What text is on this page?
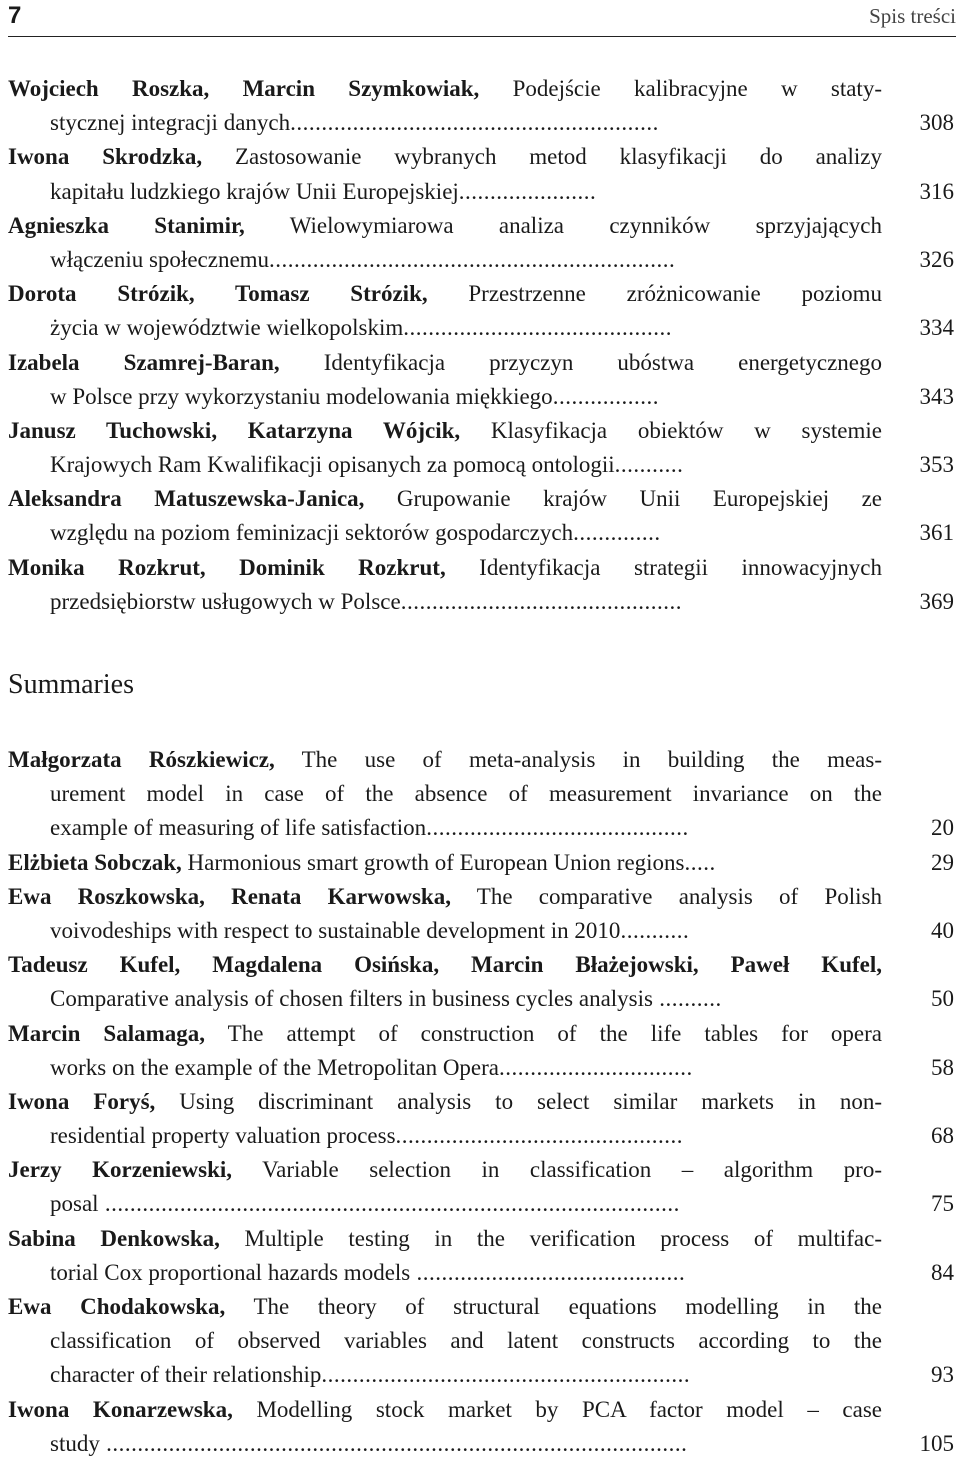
7	Spis treści
Wojciech Roszka, Marcin Szymkowiak, Podejście kalibracyjne w staty-
stycznej integracji danych...........................................................	308
Iwona Skrodzka, Zastosowanie wybranych metod klasyfikacji do analizy
kapitału ludzkiego krajów Unii Europejskiej......................	316
Agnieszka Stanimir, Wielowymiarowa analiza czynników sprzyjających
włączeniu społecznemu.................................................................	326
Dorota Strózik, Tomasz Strózik, Przestrzenne zróżnicowanie poziomu
życia w województwie wielkopolskim...........................................	334
Izabela Szamrej-Baran, Identyfikacja przyczyn ubóstwa energetycznego
w Polsce przy wykorzystaniu modelowania miękkiego.................	343
Janusz Tuchowski, Katarzyna Wójcik, Klasyfikacja obiektów w systemie
Krajowych Ram Kwalifikacji opisanych za pomocą ontologii...........	353
Aleksandra Matuszewska-Janica, Grupowanie krajów Unii Europejskiej ze
względu na poziom feminizacji sektorów gospodarczych..............	361
Monika Rozkrut, Dominik Rozkrut, Identyfikacja strategii innowacyjnych
przedsiębiorstw usługowych w Polsce.............................................	369
Summaries
Małgorzata Rószkiewicz, The use of meta-analysis in building the meas-
urement model in case of the absence of measurement invariance on the
example of measuring of life satisfaction..........................................	20
Elżbieta Sobczak, Harmonious smart growth of European Union regions.....	29
Ewa Roszkowska, Renata Karwowska, The comparative analysis of Polish
voivodeships with respect to sustainable development in 2010...........	40
Tadeusz Kufel, Magdalena Osińska, Marcin Błażejowski, Paweł Kufel,
Comparative analysis of chosen filters in business cycles analysis ..........	50
Marcin Salamaga, The attempt of construction of the life tables for opera
works on the example of the Metropolitan Opera...............................	58
Iwona Foryś, Using discriminant analysis to select similar markets in non-
residential property valuation process..............................................	68
Jerzy Korzeniewski, Variable selection in classification – algorithm pro-
posal ............................................................................................	75
Sabina Denkowska, Multiple testing in the verification process of multifac-
torial Cox proportional hazards models ...........................................	84
Ewa Chodakowska, The theory of structural equations modelling in the
classification of observed variables and latent constructs according to the
character of their relationship...........................................................	93
Iwona Konarzewska, Modelling stock market by PCA factor model – case
study .............................................................................................	105
